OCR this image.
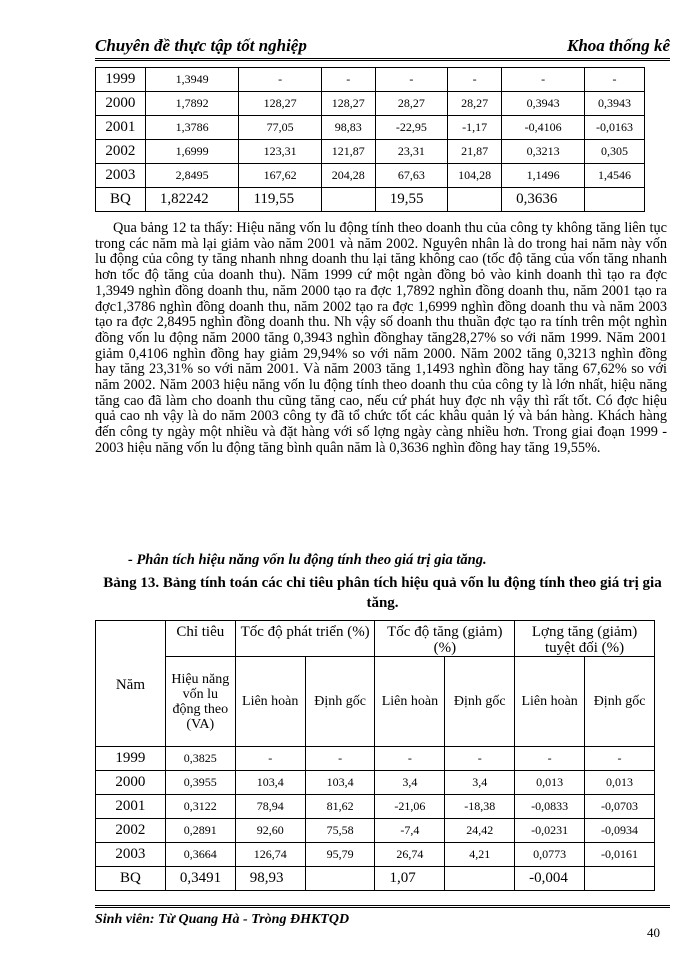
Chuyên đề thực tập tốt nghiệp	Khoa thống kê
1999	1,3949	-	-	-	-	-	-
2000	1,7892	128,27	128,27	28,27	28,27	0,3943	0,3943
2001	1,3786	77,05	98,83	-22,95	-1,17	-0,4106	-0,0163
2002	1,6999	123,31	121,87	23,31	21,87	0,3213	0,305
2003	2,8495	167,62	204,28	67,63	104,28	1,1496	1,4546
BQ	1,82242	119,55		19,55		0,3636	
Qua bảng 12 ta thấy: Hiệu năng vốn lu động tính theo doanh thu của công ty không tăng liên tục trong các năm mà lại giảm vào năm 2001 và năm 2002. Nguyên nhân là do trong hai năm này vốn lu động của công ty tăng nhanh nhng doanh thu lại tăng không cao (tốc độ tăng của vốn tăng nhanh hơn tốc độ tăng của doanh thu). Năm 1999 cứ một ngàn đồng bỏ vào kinh doanh thì tạo ra đợc 1,3949 nghìn đồng doanh thu, năm 2000 tạo ra đợc 1,7892 nghìn đồng doanh thu, năm 2001 tạo ra đợc1,3786 nghìn đồng doanh thu, năm 2002 tạo ra đợc 1,6999 nghìn đồng doanh thu và năm 2003 tạo ra đợc 2,8495 nghìn đồng doanh thu. Nh vậy số doanh thu thuần đợc tạo ra tính trên một nghìn đồng vốn lu động năm 2000 tăng 0,3943 nghìn đồnghay tăng28,27% so với năm 1999. Năm 2001 giảm 0,4106 nghìn đồng hay giảm 29,94% so với năm 2000. Năm 2002 tăng 0,3213 nghìn đồng hay tăng 23,31% so với năm 2001. Và năm 2003 tăng 1,1493 nghìn đồng hay tăng 67,62% so với năm 2002. Năm 2003 hiệu năng vốn lu động tính theo doanh thu của công ty là lớn nhất, hiệu năng tăng cao đã làm cho doanh thu cũng tăng cao, nếu cứ phát huy đợc nh vậy thì rất tốt. Có đợc hiệu quả cao nh vậy là do năm 2003 công ty đã tổ chức tốt các khâu quản lý và bán hàng. Khách hàng đến công ty ngày một nhiều và đặt hàng với số lợng ngày càng nhiều hơn. Trong giai đoạn 1999 - 2003 hiệu năng vốn lu động tăng bình quân năm là 0,3636 nghìn đồng hay tăng 19,55%.
- Phân tích hiệu năng vốn lu động tính theo giá trị gia tăng.
Bảng 13. Bảng tính toán các chỉ tiêu phân tích hiệu quả vốn lu động tính theo giá trị gia tăng.
Năm	Chỉ tiêu	Tốc độ phát triển (%)		Tốc độ tăng (giảm) (%)		Lợng tăng (giảm) tuyệt đối (%)	
	Hiệu năng vốn lu động theo (VA)	Liên hoàn	Định gốc	Liên hoàn	Định gốc	Liên hoàn	Định gốc
1999	0,3825	-	-	-	-	-	-
2000	0,3955	103,4	103,4	3,4	3,4	0,013	0,013
2001	0,3122	78,94	81,62	-21,06	-18,38	-0,0833	-0,0703
2002	0,2891	92,60	75,58	-7,4	24,42	-0,0231	-0,0934
2003	0,3664	126,74	95,79	26,74	4,21	0,0773	-0,0161
BQ	0,3491	98,93		1,07		-0,004	
Sinh viên: Từ Quang Hà - Tròng ĐHKTQD
40
